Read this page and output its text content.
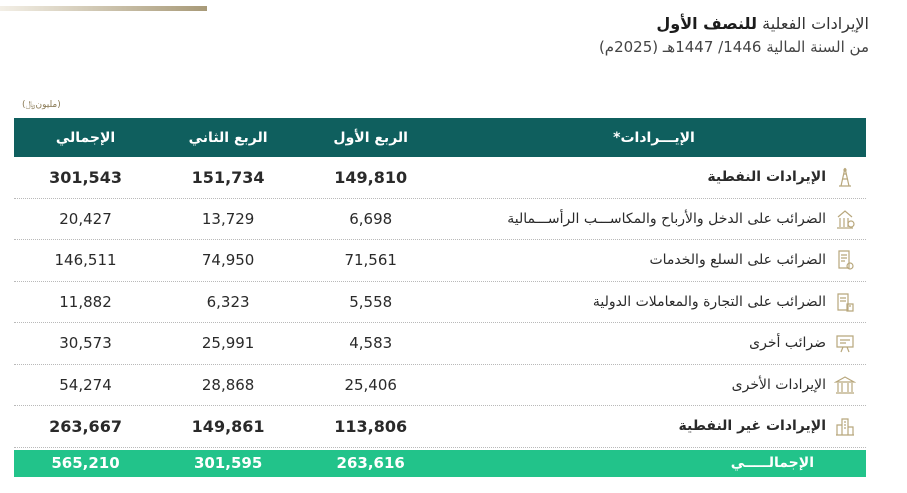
الإيرادات الفعلية للنصف الأول
من السنة المالية 1446/ 1447هـ (2025م)
(مليون﷼)
الإيـــرادات*
الربع الأول
الربع الثاني
الإجمالي
الإيرادات النفطية
149,810
151,734
301,543
الضرائب على الدخل والأرباح والمكاســـب الرأســـمالية
6,698
13,729
20,427
الضرائب على السلع والخدمات
71,561
74,950
146,511
الضرائب على التجارة والمعاملات الدولية
5,558
6,323
11,882
ضرائب أخرى
4,583
25,991
30,573
الإيرادات الأخرى
25,406
28,868
54,274
الإيرادات غير النفطية
113,806
149,861
263,667
الإجمالـــــي
263,616
301,595
565,210
